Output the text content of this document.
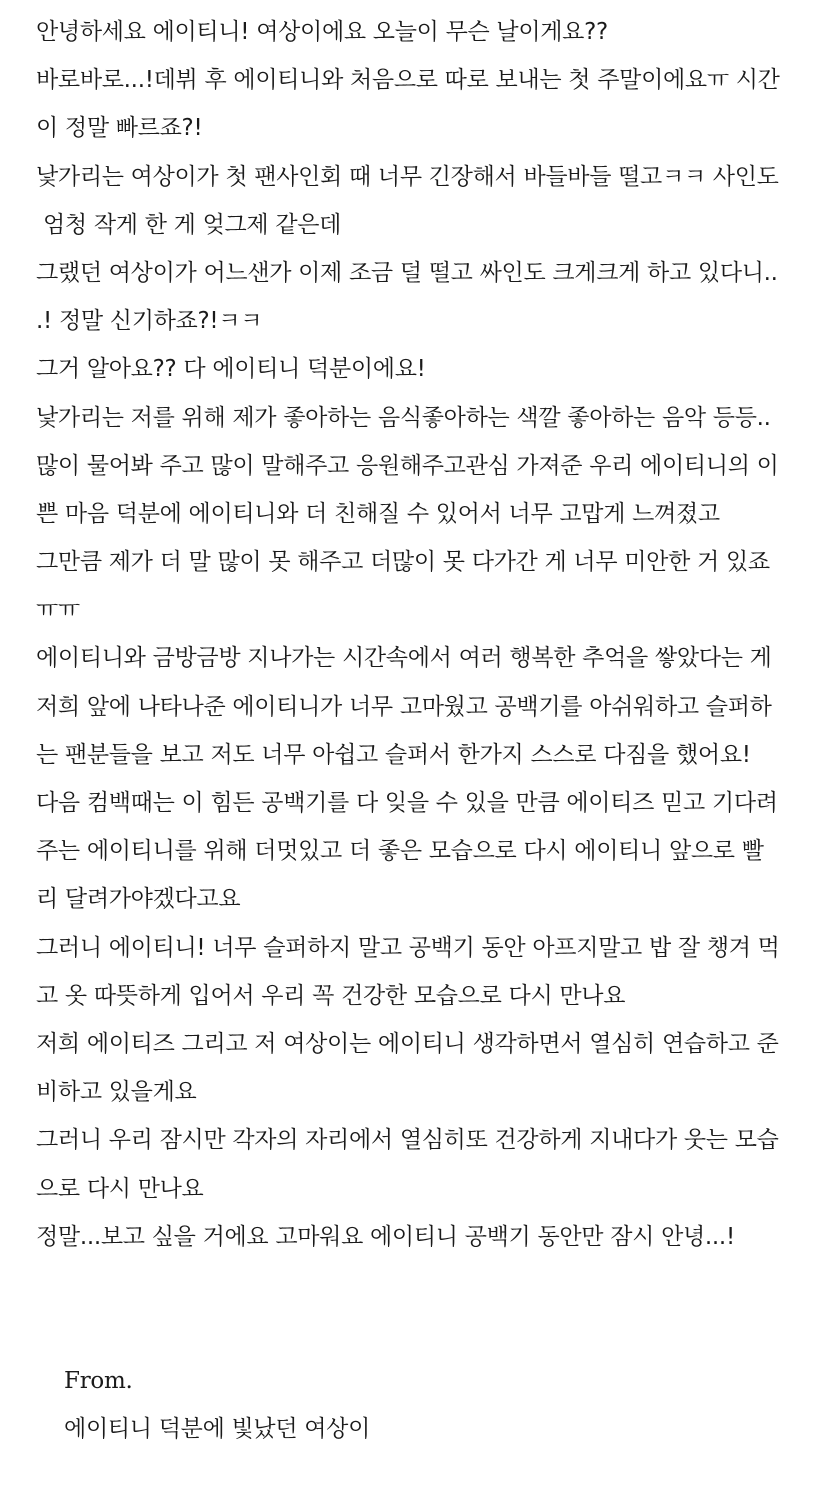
안녕하세요 에이티니! 여상이에요 오늘이 무슨 날이게요??
바로바로...!데뷔 후 에이티니와 처음으로 따로 보내는 첫 주말이에요ㅠ 시간
이 정말 빠르죠?!
낯가리는 여상이가 첫 팬사인회 때 너무 긴장해서 바들바들 떨고ㅋㅋ 사인도
엄청 작게 한 게 엊그제 같은데
그랬던 여상이가 어느샌가 이제 조금 덜 떨고 싸인도 크게크게 하고 있다니..
.! 정말 신기하죠?!ㅋㅋ
그거 알아요?? 다 에이티니 덕분이에요!
낯가리는 저를 위해 제가 좋아하는 음식좋아하는 색깔 좋아하는 음악 등등..
많이 물어봐 주고 많이 말해주고 응원해주고관심 가져준 우리 에이티니의 이
쁜 마음 덕분에 에이티니와 더 친해질 수 있어서 너무 고맙게 느껴졌고
그만큼 제가 더 말 많이 못 해주고 더많이 못 다가간 게 너무 미안한 거 있죠
ㅠㅠ
에이티니와 금방금방 지나가는 시간속에서 여러 행복한 추억을 쌓았다는 게
저희 앞에 나타나준 에이티니가 너무 고마웠고 공백기를 아쉬워하고 슬퍼하
는 팬분들을 보고 저도 너무 아쉽고 슬퍼서 한가지 스스로 다짐을 했어요!
다음 컴백때는 이 힘든 공백기를 다 잊을 수 있을 만큼 에이티즈 믿고 기다려
주는 에이티니를 위해 더멋있고 더 좋은 모습으로 다시 에이티니 앞으로 빨
리 달려가야겠다고요
그러니 에이티니! 너무 슬퍼하지 말고 공백기 동안 아프지말고 밥 잘 챙겨 먹
고 옷 따뜻하게 입어서 우리 꼭 건강한 모습으로 다시 만나요
저희 에이티즈 그리고 저 여상이는 에이티니 생각하면서 열심히 연습하고 준
비하고 있을게요
그러니 우리 잠시만 각자의 자리에서 열심히또 건강하게 지내다가 웃는 모습
으로 다시 만나요
정말...보고 싶을 거에요 고마워요 에이티니 공백기 동안만 잠시 안녕...!

From.
에이티니 덕분에 빛났던 여상이
